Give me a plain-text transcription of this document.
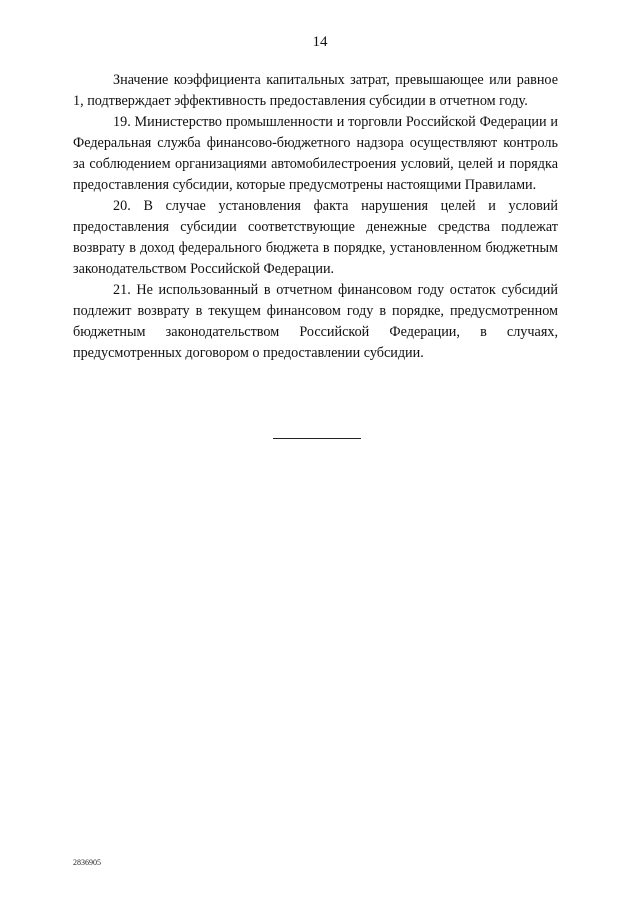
14

Значение коэффициента капитальных затрат, превышающее или равное 1, подтверждает эффективность предоставления субсидии в отчетном году.

19. Министерство промышленности и торговли Российской Федерации и Федеральная служба финансово-бюджетного надзора осуществляют контроль за соблюдением организациями автомобилестроения условий, целей и порядка предоставления субсидии, которые предусмотрены настоящими Правилами.

20. В случае установления факта нарушения целей и условий предоставления субсидии соответствующие денежные средства подлежат возврату в доход федерального бюджета в порядке, установленном бюджетным законодательством Российской Федерации.

21. Не использованный в отчетном финансовом году остаток субсидий подлежит возврату в текущем финансовом году в порядке, предусмотренном бюджетным законодательством Российской Федерации, в случаях, предусмотренных договором о предоставлении субсидии.

2836905
